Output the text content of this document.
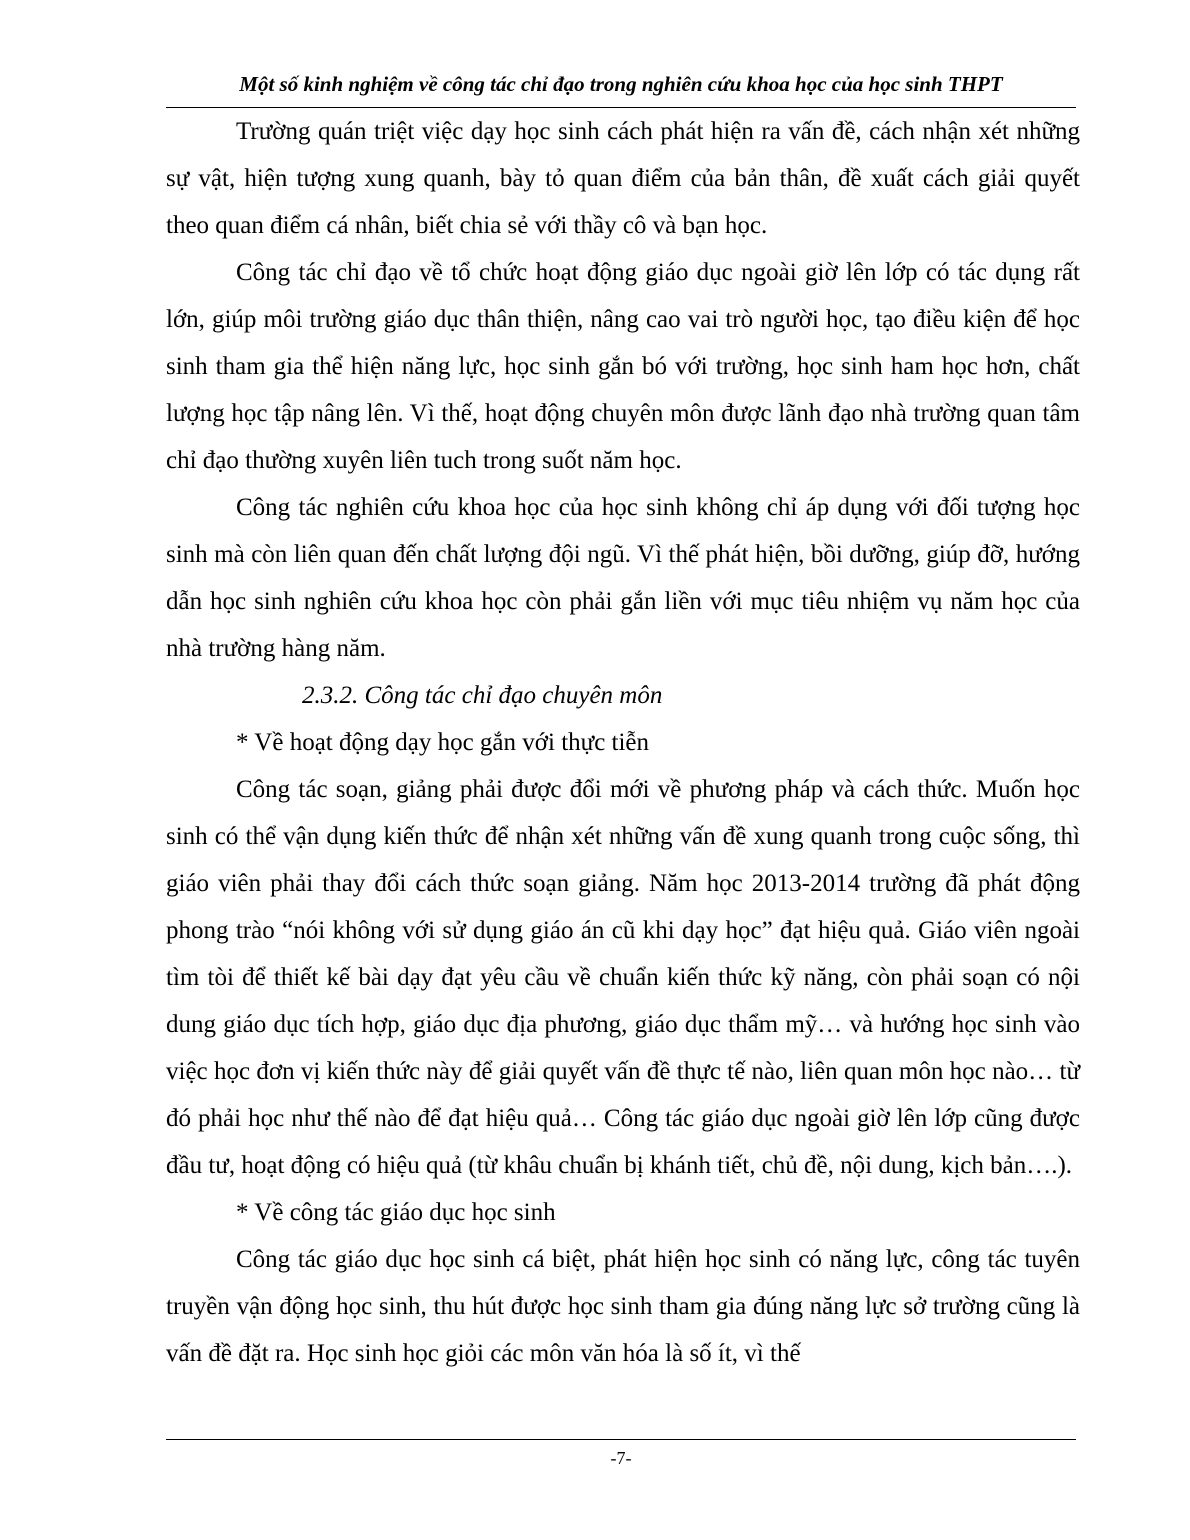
Một số kinh nghiệm về công tác chỉ đạo trong nghiên cứu khoa học của học sinh THPT

Trường quán triệt việc dạy học sinh cách phát hiện ra vấn đề, cách nhận xét những sự vật, hiện tượng xung quanh, bày tỏ quan điểm của bản thân, đề xuất cách giải quyết theo quan điểm cá nhân, biết chia sẻ với thầy cô và bạn học.

Công tác chỉ đạo về tổ chức hoạt động giáo dục ngoài giờ lên lớp có tác dụng rất lớn, giúp môi trường giáo dục thân thiện, nâng cao vai trò người học, tạo điều kiện để học sinh tham gia thể hiện năng lực, học sinh gắn bó với trường, học sinh ham học hơn, chất lượng học tập nâng lên. Vì thế, hoạt động chuyên môn được lãnh đạo nhà trường quan tâm chỉ đạo thường xuyên liên tuch trong suốt năm học.

Công tác nghiên cứu khoa học của học sinh không chỉ áp dụng với đối tượng học sinh mà còn liên quan đến chất lượng đội ngũ. Vì thế phát hiện, bồi dưỡng, giúp đỡ, hướng dẫn học sinh nghiên cứu khoa học còn phải gắn liền với mục tiêu nhiệm vụ năm học của nhà trường hàng năm.

2.3.2. Công tác chỉ đạo chuyên môn

* Về hoạt động dạy học gắn với thực tiễn

Công tác soạn, giảng phải được đổi mới về phương pháp và cách thức. Muốn học sinh có thể vận dụng kiến thức để nhận xét những vấn đề xung quanh trong cuộc sống, thì giáo viên phải thay đổi cách thức soạn giảng. Năm học 2013-2014 trường đã phát động phong trào “nói không với sử dụng giáo án cũ khi dạy học” đạt hiệu quả. Giáo viên ngoài tìm tòi để thiết kế bài dạy đạt yêu cầu về chuẩn kiến thức kỹ năng, còn phải soạn có nội dung giáo dục tích hợp, giáo dục địa phương, giáo dục thẩm mỹ… và hướng học sinh vào việc học đơn vị kiến thức này để giải quyết vấn đề thực tế nào, liên quan môn học nào… từ đó phải học như thế nào để đạt hiệu quả… Công tác giáo dục ngoài giờ lên lớp cũng được đầu tư, hoạt động có hiệu quả (từ khâu chuẩn bị khánh tiết, chủ đề, nội dung, kịch bản….).

* Về công tác giáo dục học sinh

Công tác giáo dục học sinh cá biệt, phát hiện học sinh có năng lực, công tác tuyên truyền vận động học sinh, thu hút được học sinh tham gia đúng năng lực sở trường cũng là vấn đề đặt ra. Học sinh học giỏi các môn văn hóa là số ít, vì thế

-7-
